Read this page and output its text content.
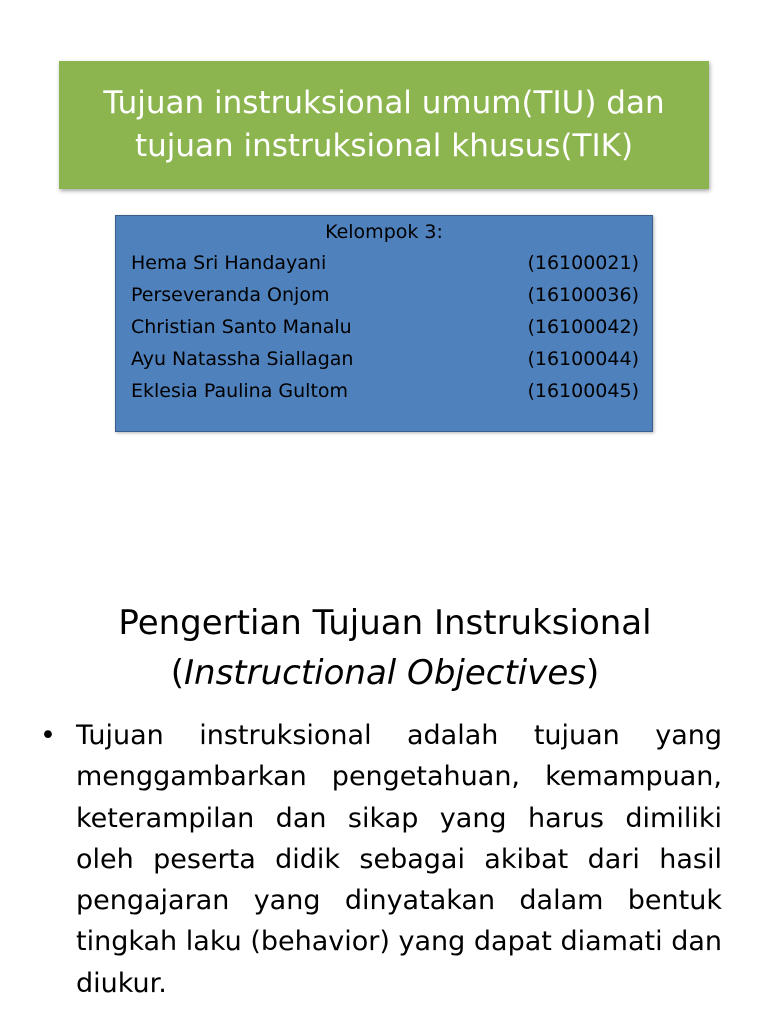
Tujuan instruksional umum(TIU) dan
tujuan instruksional khusus(TIK)
Kelompok 3:
Hema Sri Handayani	(16100021)
Perseveranda Onjom	(16100036)
Christian Santo Manalu	(16100042)
Ayu Natassha Siallagan	(16100044)
Eklesia Paulina Gultom	(16100045)
Pengertian Tujuan Instruksional
(Instructional Objectives)
• Tujuan instruksional adalah tujuan yang menggambarkan pengetahuan, kemampuan, keterampilan dan sikap yang harus dimiliki oleh peserta didik sebagai akibat dari hasil pengajaran yang dinyatakan dalam bentuk tingkah laku (behavior) yang dapat diamati dan diukur.
